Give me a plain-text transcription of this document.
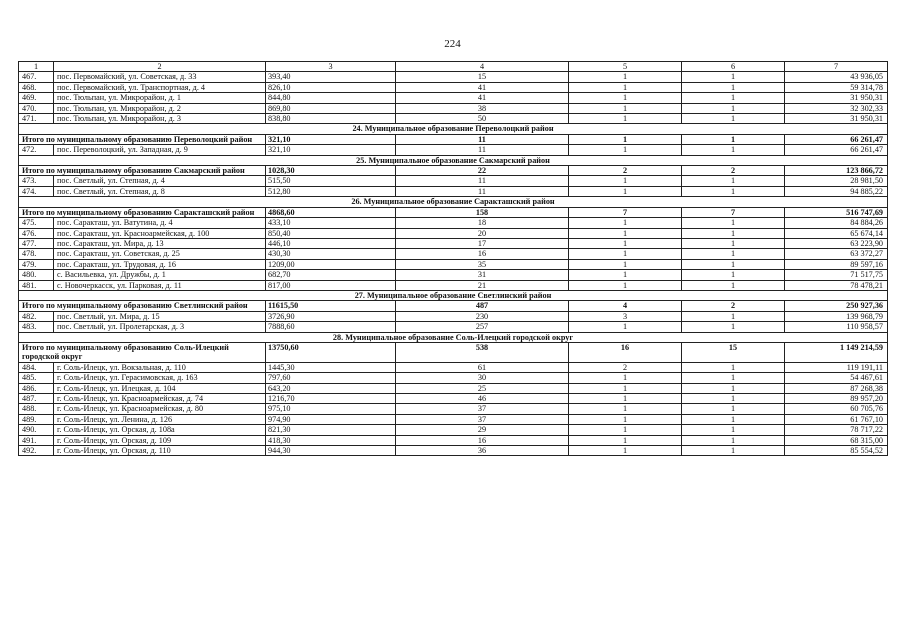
224
1	2	3	4	5	6	7
467.	пос. Первомайский, ул. Советская, д. 33	393,40	15	1	1	43 936,05
468.	пос. Первомайский, ул. Транспортная, д. 4	826,10	41	1	1	59 314,78
469.	пос. Тюльпан, ул. Микрорайон, д. 1	844,80	41	1	1	31 950,31
470.	пос. Тюльпан, ул. Микрорайон, д. 2	869,80	38	1	1	32 302,33
471.	пос. Тюльпан, ул. Микрорайон, д. 3	838,80	50	1	1	31 950,31
24. Муниципальное образование Переволоцкий район						
Итого по муниципальному образованию Переволоцкий район		321,10	11	1	1	66 261,47
472.	пос. Переволоцкий, ул. Западная, д. 9	321,10	11	1	1	66 261,47
25. Муниципальное образование Сакмарский район						
Итого по муниципальному образованию Сакмарский район		1028,30	22	2	2	123 866,72
473.	пос. Светлый, ул. Степная, д. 4	515,50	11	1	1	28 981,50
474.	пос. Светлый, ул. Степная, д. 8	512,80	11	1	1	94 885,22
26. Муниципальное образование Саракташский район						
Итого по муниципальному образованию Саракташский район		4868,60	158	7	7	516 747,69
475.	пос. Саракташ, ул. Ватутина, д. 4	433,10	18	1	1	84 884,26
476.	пос. Саракташ, ул. Красноармейская, д. 100	850,40	20	1	1	65 674,14
477.	пос. Саракташ, ул. Мира, д. 13	446,10	17	1	1	63 223,90
478.	пос. Саракташ, ул. Советская, д. 25	430,30	16	1	1	63 372,27
479.	пос. Саракташ, ул. Трудовая, д. 16	1209,00	35	1	1	89 597,16
480.	с. Васильевка, ул. Дружбы, д. 1	682,70	31	1	1	71 517,75
481.	с. Новочеркасск, ул. Парковая, д. 11	817,00	21	1	1	78 478,21
27. Муниципальное образование Светлинский район						
Итого по муниципальному образованию Светлинский район		11615,50	487	4	2	250 927,36
482.	пос. Светлый, ул. Мира, д. 15	3726,90	230	3	1	139 968,79
483.	пос. Светлый, ул. Пролетарская, д. 3	7888,60	257	1	1	110 958,57
28. Муниципальное образование Соль-Илецкий городской округ						
Итого по муниципальному образованию Соль-Илецкий городской округ		13750,60	538	16	15	1 149 214,59
484.	г. Соль-Илецк, ул. Вокзальная, д. 110	1445,30	61	2	1	119 191,11
485.	г. Соль-Илецк, ул. Герасимовская, д. 163	797,60	30	1	1	54 467,61
486.	г. Соль-Илецк, ул. Илецкая, д. 104	643,20	25	1	1	87 268,38
487.	г. Соль-Илецк, ул. Красноармейская, д. 74	1216,70	46	1	1	89 957,20
488.	г. Соль-Илецк, ул. Красноармейская, д. 80	975,10	37	1	1	60 705,76
489.	г. Соль-Илецк, ул. Ленина, д. 126	974,90	37	1	1	61 767,10
490.	г. Соль-Илецк, ул. Орская, д. 108а	821,30	29	1	1	78 717,22
491.	г. Соль-Илецк, ул. Орская, д. 109	418,30	16	1	1	68 315,00
492.	г. Соль-Илецк, ул. Орская, д. 110	944,30	36	1	1	85 554,52
